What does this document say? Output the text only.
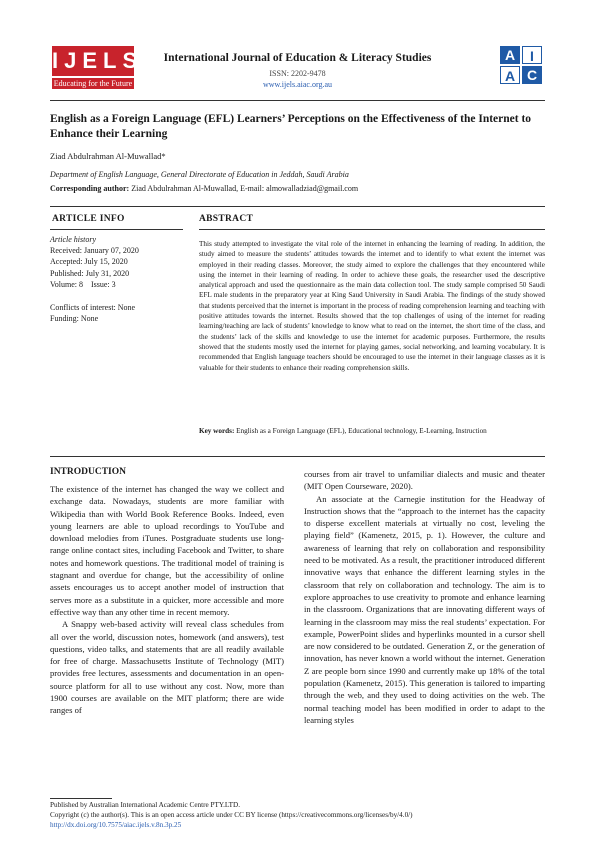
IJELS
Educating for the Future
International Journal of Education & Literacy Studies
ISSN: 2202-9478
www.ijels.aiac.org.au
A	I
A C
English as a Foreign Language (EFL) Learners’ Perceptions on the Effectiveness of the Internet to Enhance their Learning
Ziad Abdulrahman Al-Muwallad*
Department of English Language, General Directorate of Education in Jeddah, Saudi Arabia
Corresponding author: Ziad Abdulrahman Al-Muwallad, E-mail: almowalladziad@gmail.com
ARTICLE INFO	ABSTRACT
Article history
Received: January 07, 2020
Accepted: July 15, 2020
Published: July 31, 2020
Volume: 8    Issue: 3
Conflicts of interest: None
Funding: None
This study attempted to investigate the vital role of the internet in enhancing the learning of reading. In addition, the study aimed to measure the students’ attitudes towards the internet and to identify to what extent the internet was employed in their reading classes. Moreover, the study aimed to explore the challenges that they encountered while using the internet in their learning of reading. In order to achieve these goals, the researcher used the descriptive analytical approach and used the questionnaire as the main data collection tool. The study sample comprised 50 Saudi EFL male students in the preparatory year at King Saud University in Saudi Arabia. The findings of the study showed that students perceived that the internet is important in the process of reading comprehension learning and teaching with positive attitudes towards the internet. Results showed that the top challenges of using of the internet for reading learning/teaching are lack of students’ knowledge to know what to read on the internet, the short time of the class, and the students’ lack of the skills and knowledge to use the internet for academic purposes. Furthermore, the results showed that the students mostly used the internet for playing games, social networking, and learning vocabulary. It is recommended that English language teachers should be encouraged to use the internet in their language classes as it is valuable for their students to enhance their reading comprehension skills.
Key words: English as a Foreign Language (EFL), Educational technology, E-Learning, Instruction
INTRODUCTION

The existence of the internet has changed the way we collect and exchange data. Nowadays, students are more familiar with Wikipedia than with World Book Reference Books. Indeed, even young learners are able to upload recordings to YouTube and download melodies from iTunes. Postgraduate students use long-range online contact sites, including Facebook and Twitter, to share notes and homework questions. The traditional model of training is stagnant and overdue for change, but the accessibility of online assets encourages us to accept another model of instruction that serves more as a substitute in a quicker, more accessible and more effective way than any other time in recent memory.

A Snappy web-based activity will reveal class schedules from all over the world, discussion notes, homework (and answers), test questions, video talks, and statements that are all readily available for free of charge. Massachusetts Institute of Technology (MIT) provides free lectures, assessments and documentation in an open-source platform for all to use without any cost. Now, more than 1900 courses are available on the MIT platform; there are wide ranges of

courses from air travel to unfamiliar dialects and music and theater (MIT Open Courseware, 2020).

An associate at the Carnegie institution for the Headway of Instruction shows that the “approach to the internet has the capacity to disperse excellent materials at virtually no cost, leveling the playing field” (Kamenetz, 2015, p. 1). However, the culture and awareness of learning that rely on collaboration and responsibility need to be motivated. As a result, the practitioner introduced different innovative ways that enhance the different learning styles in the classroom that rely on collaboration and technology. The aim is to explore approaches to use creativity to promote and enhance learning in the classroom. Organizations that are innovating different ways of learning in the classroom may miss the real students’ expectation. For example, PowerPoint slides and hyperlinks mounted in a cursor shell are now considered to be outdated. Generation Z, or the generation of innovation, has never known a world without the internet. Generation Z are people born since 1990 and currently make up 18% of the total population (Kamenetz, 2015). This generation is tailored to imparting through the web, and they used to doing activities on the web. The normal teaching model has been modified in order to adapt to the learning styles

Published by Australian International Academic Centre PTY.LTD.
Copyright (c) the author(s). This is an open access article under CC BY license (https://creativecommons.org/licenses/by/4.0/)
http://dx.doi.org/10.7575/aiac.ijels.v.8n.3p.25
